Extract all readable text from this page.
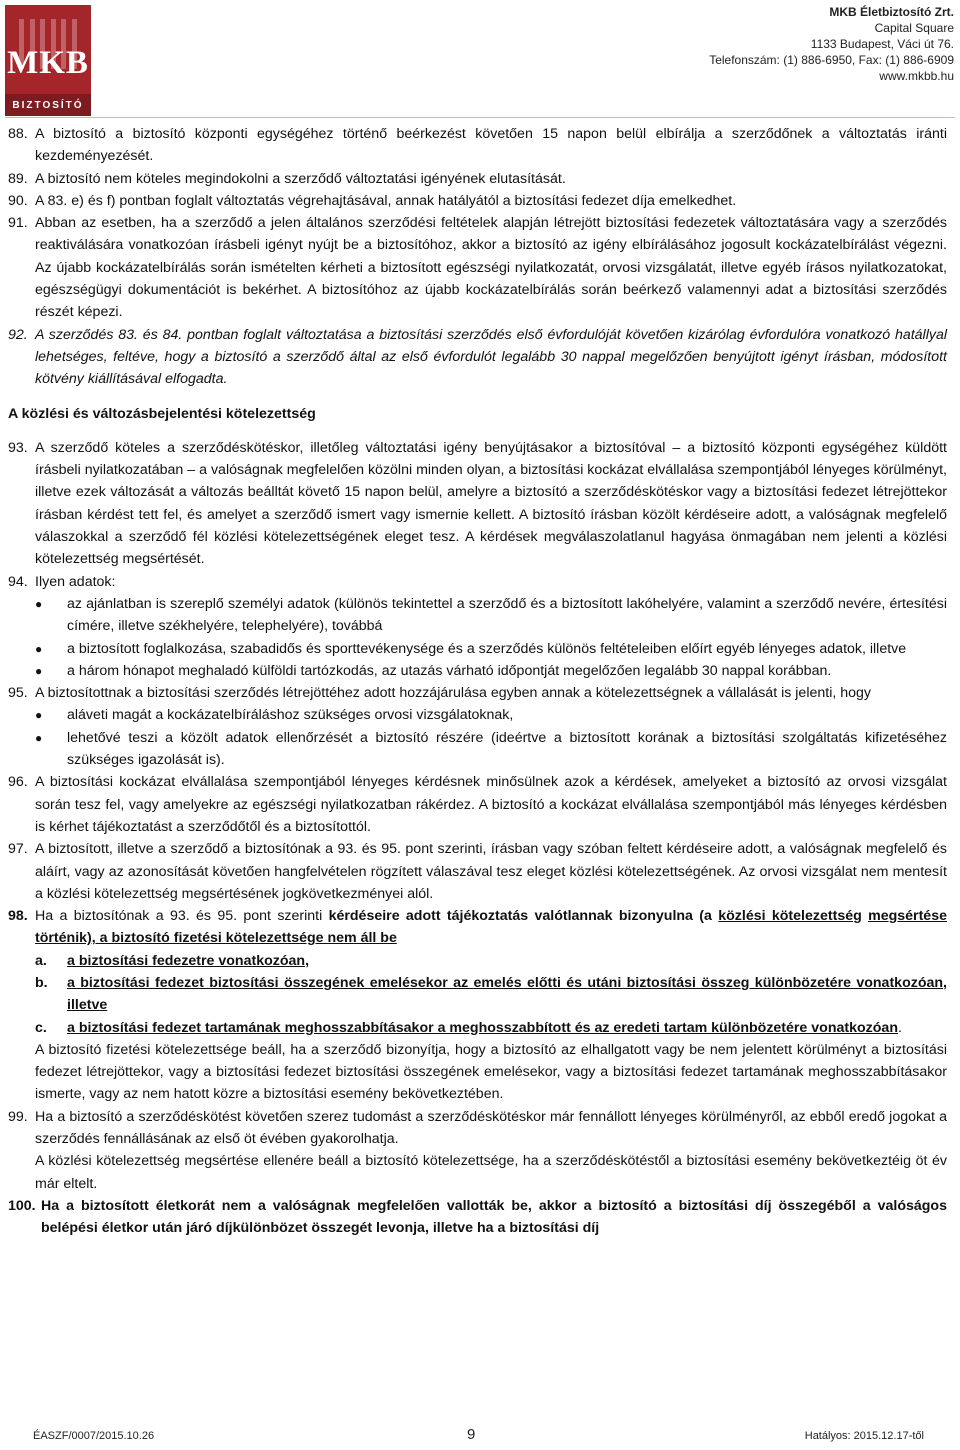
MKB
BIZTOSÍTÓ
MKB Életbiztosító Zrt.
Capital Square
1133 Budapest, Váci út 76.
Telefonszám: (1) 886-6950, Fax: (1) 886-6909
www.mkbb.hu
88. A biztosító a biztosító központi egységéhez történő beérkezést követően 15 napon belül elbírálja a szerződőnek a változtatás iránti kezdeményezését.
89. A biztosító nem köteles megindokolni a szerződő változtatási igényének elutasítását.
90. A 83. e) és f) pontban foglalt változtatás végrehajtásával, annak hatályától a biztosítási fedezet díja emelkedhet.
91. Abban az esetben, ha a szerződő a jelen általános szerződési feltételek alapján létrejött biztosítási fedezetek változtatására vagy a szerződés reaktiválására vonatkozóan írásbeli igényt nyújt be a biztosítóhoz, akkor a biztosító az igény elbírálásához jogosult kockázatelbírálást végezni. Az újabb kockázatelbírálás során ismételten kérheti a biztosított egészségi nyilatkozatát, orvosi vizsgálatát, illetve egyéb írásos nyilatkozatokat, egészségügyi dokumentációt is bekérhet. A biztosítóhoz az újabb kockázatelbírálás során beérkező valamennyi adat a biztosítási szerződés részét képezi.
92. A szerződés 83. és 84. pontban foglalt változtatása a biztosítási szerződés első évfordulóját követően kizárólag évfordulóra vonatkozó hatállyal lehetséges, feltéve, hogy a biztosító a szerződő által az első évfordulót legalább 30 nappal megelőzően benyújtott igényt írásban, módosított kötvény kiállításával elfogadta.
A közlési és változásbejelentési kötelezettség
93. A szerződő köteles a szerződéskötéskor, illetőleg változtatási igény benyújtásakor a biztosítóval – a biztosító központi egységéhez küldött írásbeli nyilatkozatában – a valóságnak megfelelően közölni minden olyan, a biztosítási kockázat elvállalása szempontjából lényeges körülményt, illetve ezek változását a változás beálltát követő 15 napon belül, amelyre a biztosító a szerződéskötéskor vagy a biztosítási fedezet létrejöttekor írásban kérdést tett fel, és amelyet a szerződő ismert vagy ismernie kellett. A biztosító írásban közölt kérdéseire adott, a valóságnak megfelelő válaszokkal a szerződő fél közlési kötelezettségének eleget tesz. A kérdések megválaszolatlanul hagyása önmagában nem jelenti a közlési kötelezettség megsértését.
94. Ilyen adatok:
● az ajánlatban is szereplő személyi adatok (különös tekintettel a szerződő és a biztosított lakóhelyére, valamint a szerződő nevére, értesítési címére, illetve székhelyére, telephelyére), továbbá
● a biztosított foglalkozása, szabadidős és sporttevékenysége és a szerződés különös feltételeiben előírt egyéb lényeges adatok, illetve
● a három hónapot meghaladó külföldi tartózkodás, az utazás várható időpontját megelőzően legalább 30 nappal korábban.
95. A biztosítottnak a biztosítási szerződés létrejöttéhez adott hozzájárulása egyben annak a kötelezettségnek a vállalását is jelenti, hogy
● aláveti magát a kockázatelbíráláshoz szükséges orvosi vizsgálatoknak,
● lehetővé teszi a közölt adatok ellenőrzését a biztosító részére (ideértve a biztosított korának a biztosítási szolgáltatás kifizetéséhez szükséges igazolását is).
96. A biztosítási kockázat elvállalása szempontjából lényeges kérdésnek minősülnek azok a kérdések, amelyeket a biztosító az orvosi vizsgálat során tesz fel, vagy amelyekre az egészségi nyilatkozatban rákérdez. A biztosító a kockázat elvállalása szempontjából más lényeges kérdésben is kérhet tájékoztatást a szerződőtől és a biztosítottól.
97. A biztosított, illetve a szerződő a biztosítónak a 93. és 95. pont szerinti, írásban vagy szóban feltett kérdéseire adott, a valóságnak megfelelő és aláírt, vagy az azonosítását követően hangfelvételen rögzített válaszával tesz eleget közlési kötelezettségének. Az orvosi vizsgálat nem mentesít a közlési kötelezettség megsértésének jogkövetkezményei alól.
98. Ha a biztosítónak a 93. és 95. pont szerinti kérdéseire adott tájékoztatás valótlannak bizonyulna (a közlési kötelezettség megsértése történik), a biztosító fizetési kötelezettsége nem áll be
a. a biztosítási fedezetre vonatkozóan,
b. a biztosítási fedezet biztosítási összegének emelésekor az emelés előtti és utáni biztosítási összeg különbözetére vonatkozóan, illetve
c. a biztosítási fedezet tartamának meghosszabbításakor a meghosszabbított és az eredeti tartam különbözetére vonatkozóan.
A biztosító fizetési kötelezettsége beáll, ha a szerződő bizonyítja, hogy a biztosító az elhallgatott vagy be nem jelentett körülményt a biztosítási fedezet létrejöttekor, vagy a biztosítási fedezet biztosítási összegének emelésekor, vagy a biztosítási fedezet tartamának meghosszabbításakor ismerte, vagy az nem hatott közre a biztosítási esemény bekövetkeztében.
99. Ha a biztosító a szerződéskötést követően szerez tudomást a szerződéskötéskor már fennállott lényeges körülményről, az ebből eredő jogokat a szerződés fennállásának az első öt évében gyakorolhatja.
A közlési kötelezettség megsértése ellenére beáll a biztosító kötelezettsége, ha a szerződéskötéstől a biztosítási esemény bekövetkeztéig öt év már eltelt.
100. Ha a biztosított életkorát nem a valóságnak megfelelően vallották be, akkor a biztosító a biztosítási díj összegéből a valóságos belépési életkor után járó díjkülönbözet összegét levonja, illetve ha a biztosítási díj
ÉASZF/0007/2015.10.26	9	Hatályos: 2015.12.17-től
